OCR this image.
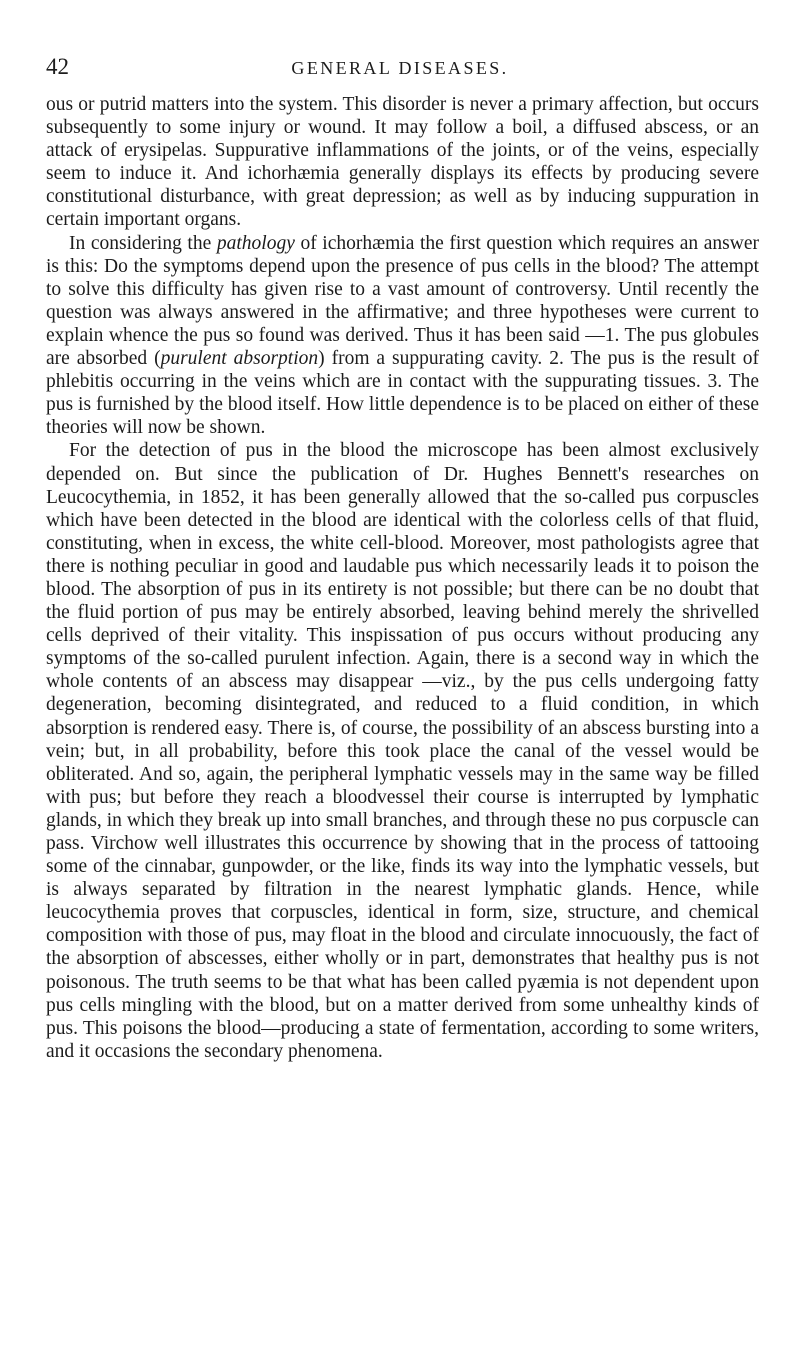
42	GENERAL DISEASES.

ous or putrid matters into the system. This disorder is never a primary affection, but occurs subsequently to some injury or wound. It may follow a boil, a diffused abscess, or an attack of erysipelas. Suppurative inflammations of the joints, or of the veins, especially seem to induce it. And ichorhæmia generally displays its effects by producing severe constitutional disturbance, with great depression; as well as by inducing suppuration in certain important organs.

In considering the pathology of ichorhæmia the first question which requires an answer is this: Do the symptoms depend upon the presence of pus cells in the blood? The attempt to solve this difficulty has given rise to a vast amount of controversy. Until recently the question was always answered in the affirmative; and three hypotheses were current to explain whence the pus so found was derived. Thus it has been said —1. The pus globules are absorbed (purulent absorption) from a suppurating cavity. 2. The pus is the result of phlebitis occurring in the veins which are in contact with the suppurating tissues. 3. The pus is furnished by the blood itself. How little dependence is to be placed on either of these theories will now be shown.

For the detection of pus in the blood the microscope has been almost exclusively depended on. But since the publication of Dr. Hughes Bennett's researches on Leucocythemia, in 1852, it has been generally allowed that the so-called pus corpuscles which have been detected in the blood are identical with the colorless cells of that fluid, constituting, when in excess, the white cell-blood. Moreover, most pathologists agree that there is nothing peculiar in good and laudable pus which necessarily leads it to poison the blood. The absorption of pus in its entirety is not possible; but there can be no doubt that the fluid portion of pus may be entirely absorbed, leaving behind merely the shrivelled cells deprived of their vitality. This inspissation of pus occurs without producing any symptoms of the so-called purulent infection. Again, there is a second way in which the whole contents of an abscess may disappear —viz., by the pus cells undergoing fatty degeneration, becoming disintegrated, and reduced to a fluid condition, in which absorption is rendered easy. There is, of course, the possibility of an abscess bursting into a vein; but, in all probability, before this took place the canal of the vessel would be obliterated. And so, again, the peripheral lymphatic vessels may in the same way be filled with pus; but before they reach a bloodvessel their course is interrupted by lymphatic glands, in which they break up into small branches, and through these no pus corpuscle can pass. Virchow well illustrates this occurrence by showing that in the process of tattooing some of the cinnabar, gunpowder, or the like, finds its way into the lymphatic vessels, but is always separated by filtration in the nearest lymphatic glands. Hence, while leucocythemia proves that corpuscles, identical in form, size, structure, and chemical composition with those of pus, may float in the blood and circulate innocuously, the fact of the absorption of abscesses, either wholly or in part, demonstrates that healthy pus is not poisonous. The truth seems to be that what has been called pyæmia is not dependent upon pus cells mingling with the blood, but on a matter derived from some unhealthy kinds of pus. This poisons the blood—producing a state of fermentation, according to some writers, and it occasions the secondary phenomena.
